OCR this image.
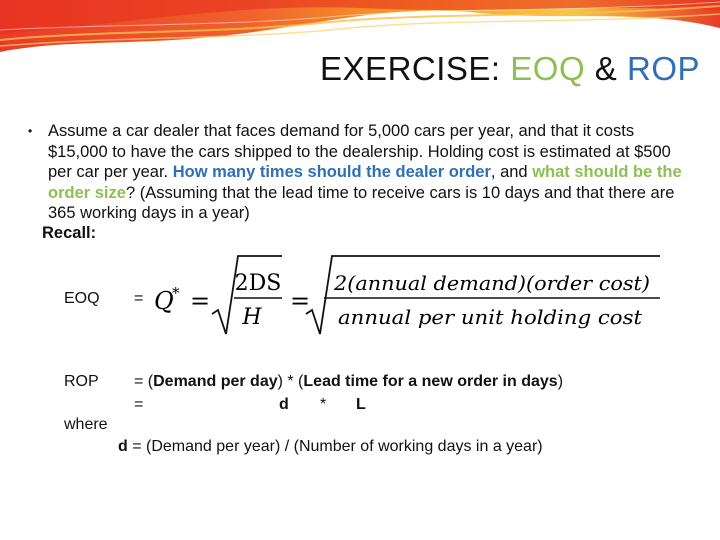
EXERCISE: EOQ & ROP
• Assume a car dealer that faces demand for 5,000 cars per year, and that it costs $15,000 to have the cars shipped to the dealership. Holding cost is estimated at $500 per car per year. How many times should the dealer order, and what should be the order size? (Assuming that the lead time to receive cars is 10 days and that there are 365 working days in a year)
Recall:
EOQ = Q
* =
2DS
H
=
2(annual demand)(order cost)
annual per unit holding cost
ROP = (Demand per day) * (Lead time for a new order in days)
=	d * L
where
d = (Demand per year) / (Number of working days in a year)
